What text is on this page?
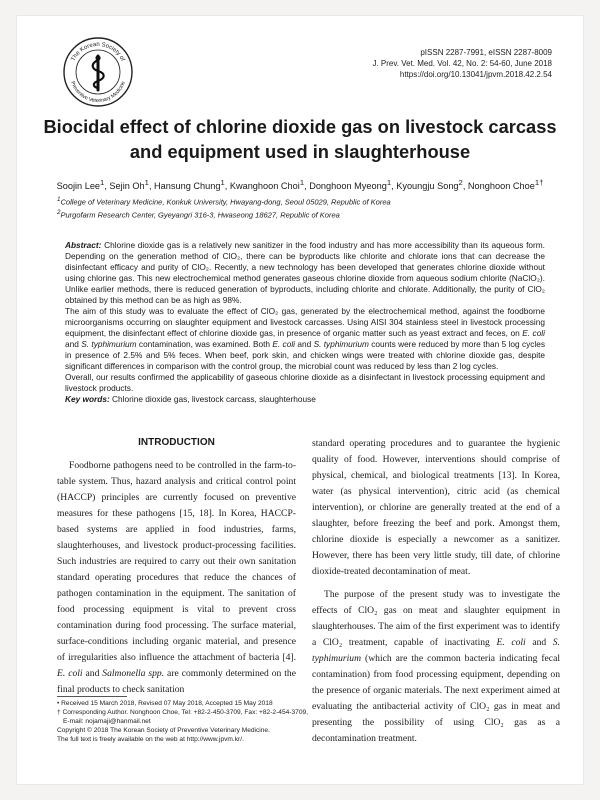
The Korean Society of
Preventive Veterinary Medicine
pISSN 2287-7991, eISSN 2287-8009
J. Prev. Vet. Med. Vol. 42, No. 2: 54-60, June 2018
https://doi.org/10.13041/jpvm.2018.42.2.54
Biocidal effect of chlorine dioxide gas on livestock carcass
and equipment used in slaughterhouse
Soojin Lee$^1$, Sejin Oh$^1$, Hansung Chung$^1$, Kwanghoon Choi$^1$, Donghoon Myeong$^1$, Kyoungju Song$^2$, Nonghoon Choe$^{1\dagger}$
$^1$College of Veterinary Medicine, Konkuk University, Hwayang-dong, Seoul 05029, Republic of Korea
$^2$Purgofarm Research Center, Gyeyangri 316-3, Hwaseong 18627, Republic of Korea

Abstract: Chlorine dioxide gas is a relatively new sanitizer in the food industry and has more accessibility than its aqueous form. Depending on the generation method of ClO₂, there can be byproducts like chlorite and chlorate ions that can decrease the disinfectant efficacy and purity of ClO₂. Recently, a new technology has been developed that generates chlorine dioxide without using chlorine gas. This new electrochemical method generates gaseous chlorine dioxide from aqueous sodium chlorite (NaClO₂). Unlike earlier methods, there is reduced generation of byproducts, including chlorite and chlorate. Additionally, the purity of ClO₂ obtained by this method can be as high as 98%.

The aim of this study was to evaluate the effect of ClO₂ gas, generated by the electrochemical method, against the foodborne microorganisms occurring on slaughter equipment and livestock carcasses. Using AISI 304 stainless steel in livestock processing equipment, the disinfectant effect of chlorine dioxide gas, in presence of organic matter such as yeast extract and feces, on E. coli and S. typhimurium contamination, was examined. Both E. coli and S. typhimurium counts were reduced by more than 5 log cycles in presence of 2.5% and 5% feces. When beef, pork skin, and chicken wings were treated with chlorine dioxide gas, despite significant differences in comparison with the control group, the microbial count was reduced by less than 2 log cycles.

Overall, our results confirmed the applicability of gaseous chlorine dioxide as a disinfectant in livestock processing equipment and livestock products.

Key words: Chlorine dioxide gas, livestock carcass, slaughterhouse

INTRODUCTION

Foodborne pathogens need to be controlled in the farm-to-table system. Thus, hazard analysis and critical control point (HACCP) principles are currently focused on preventive measures for these pathogens [15, 18]. In Korea, HACCP-based systems are applied in food industries, farms, slaughterhouses, and livestock product-processing facilities. Such industries are required to carry out their own sanitation standard operating procedures that reduce the chances of pathogen contamination in the equipment. The sanitation of food processing equipment is vital to prevent cross contamination during food processing. The surface material, surface-conditions including organic material, and presence of irregularities also influence the attachment of bacteria [4]. E. coli and Salmonella spp. are commonly determined on the final products to check sanitation

standard operating procedures and to guarantee the hygienic quality of food. However, interventions should comprise of physical, chemical, and biological treatments [13]. In Korea, water (as physical intervention), citric acid (as chemical intervention), or chlorine are generally treated at the end of a slaughter, before freezing the beef and pork. Amongst them, chlorine dioxide is especially a newcomer as a sanitizer. However, there has been very little study, till date, of chlorine dioxide-treated decontamination of meat.

The purpose of the present study was to investigate the effects of ClO₂ gas on meat and slaughter equipment in slaughterhouses. The aim of the first experiment was to identify a ClO₂ treatment, capable of inactivating E. coli and S. typhimurium (which are the common bacteria indicating fecal contamination) from food processing equipment, depending on the presence of organic materials. The next experiment aimed at evaluating the antibacterial activity of ClO₂ gas in meat and presenting the possibility of using ClO₂ gas as a decontamination treatment.

• Received 15 March 2018, Revised 07 May 2018, Accepted 15 May 2018
† Corresponding Author. Nonghoon Choe, Tel: +82-2-450-3709, Fax: +82-2-454-3709,
E-mail: nojamaji@hanmail.net
Copyright © 2018 The Korean Society of Preventive Veterinary Medicine.
The full text is freely available on the web at http://www.jpvm.kr/.
